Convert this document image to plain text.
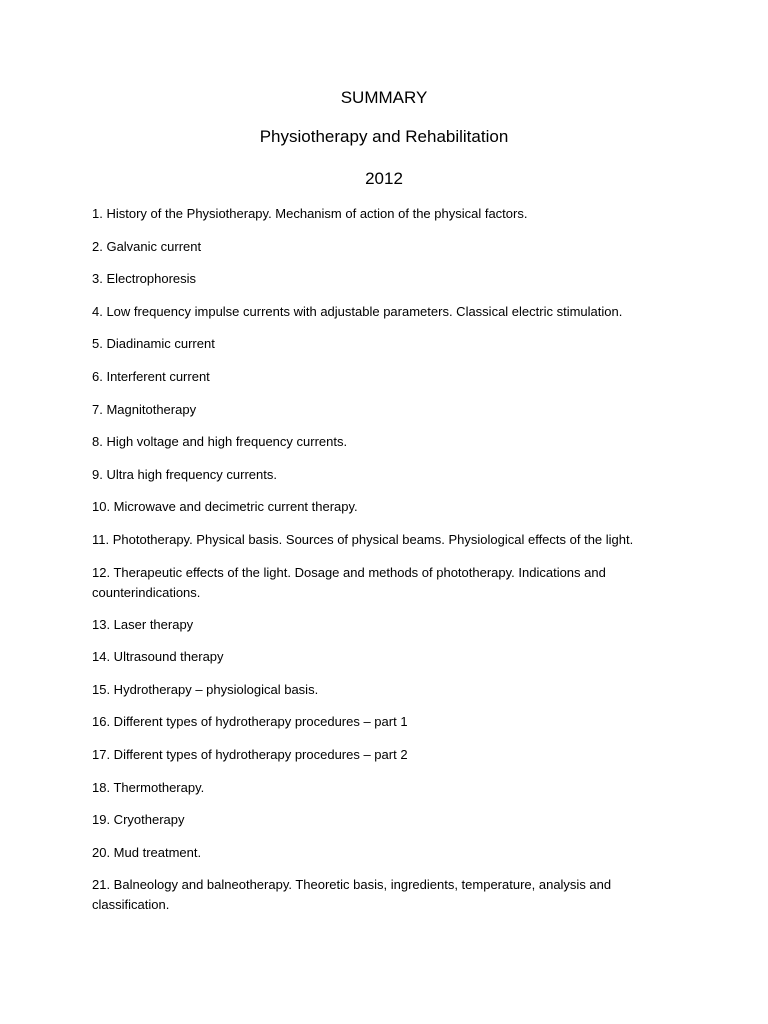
SUMMARY
Physiotherapy and Rehabilitation
2012
1. History of the Physiotherapy. Mechanism of action of the physical factors.
2. Galvanic current
3. Electrophoresis
4. Low frequency impulse currents with adjustable parameters. Classical electric stimulation.
5. Diadinamic current
6. Interferent current
7. Magnitotherapy
8. High voltage and high frequency currents.
9. Ultra high frequency currents.
10. Microwave and decimetric current therapy.
11. Phototherapy. Physical basis. Sources of physical beams. Physiological effects of the light.
12. Therapeutic effects of the light. Dosage and methods of phototherapy. Indications and counterindications.
13. Laser therapy
14. Ultrasound therapy
15. Hydrotherapy – physiological basis.
16. Different types of hydrotherapy procedures – part 1
17. Different types of hydrotherapy procedures – part 2
18. Thermotherapy.
19. Cryotherapy
20. Mud treatment.
21. Balneology and balneotherapy. Theoretic basis, ingredients, temperature, analysis and classification.
